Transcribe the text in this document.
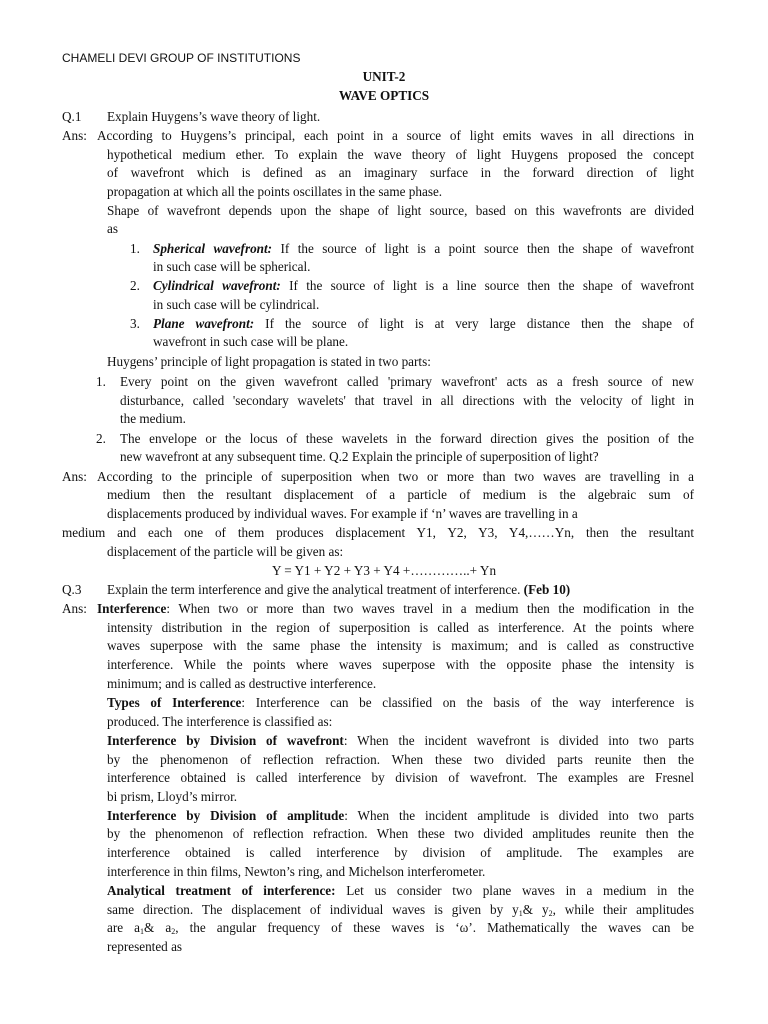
CHAMELI DEVI GROUP OF INSTITUTIONS
UNIT-2
WAVE OPTICS
Q.1 Explain Huygens’s wave theory of light.
Ans: According to Huygens’s principal, each point in a source of light emits waves in all directions in
hypothetical medium ether. To explain the wave theory of light Huygens proposed the concept
of wavefront which is defined as an imaginary surface in the forward direction of light
propagation at which all the points oscillates in the same phase.
Shape of wavefront depends upon the shape of light source, based on this wavefronts are divided
as
1. Spherical wavefront: If the source of light is a point source then the shape of wavefront
in such case will be spherical.
2. Cylindrical wavefront: If the source of light is a line source then the shape of wavefront
in such case will be cylindrical.
3. Plane wavefront: If the source of light is at very large distance then the shape of
wavefront in such case will be plane.
Huygens’ principle of light propagation is stated in two parts:
1. Every point on the given wavefront called 'primary wavefront' acts as a fresh source of new
disturbance, called 'secondary wavelets' that travel in all directions with the velocity of light in
the medium.
2. The envelope or the locus of these wavelets in the forward direction gives the position of the
new wavefront at any subsequent time. Q.2 Explain the principle of superposition of light?
Ans: According to the principle of superposition when two or more than two waves are travelling in a
medium then the resultant displacement of a particle of medium is the algebraic sum of
displacements produced by individual waves. For example if ‘n’ waves are travelling in a
medium and each one of them produces displacement Y1, Y2, Y3, Y4,……Yn, then the resultant
displacement of the particle will be given as:
Y = Y1 + Y2 + Y3 + Y4 +…………..+ Yn
Q.3 Explain the term interference and give the analytical treatment of interference. (Feb 10)
Ans: Interference: When two or more than two waves travel in a medium then the modification in the
intensity distribution in the region of superposition is called as interference. At the points where
waves superpose with the same phase the intensity is maximum; and is called as constructive
interference. While the points where waves superpose with the opposite phase the intensity is
minimum; and is called as destructive interference.
Types of Interference: Interference can be classified on the basis of the way interference is
produced. The interference is classified as:
Interference by Division of wavefront: When the incident wavefront is divided into two parts
by the phenomenon of reflection refraction. When these two divided parts reunite then the
interference obtained is called interference by division of wavefront. The examples are Fresnel
bi prism, Lloyd’s mirror.
Interference by Division of amplitude: When the incident amplitude is divided into two parts
by the phenomenon of reflection refraction. When these two divided amplitudes reunite then the
interference obtained is called interference by division of amplitude. The examples are
interference in thin films, Newton’s ring, and Michelson interferometer.
Analytical treatment of interference: Let us consider two plane waves in a medium in the
same direction. The displacement of individual waves is given by $y_1\&$ $y_2$, while their amplitudes
are $a_1\&$ $a_2$, the angular frequency of these waves is ‘ω’. Mathematically the waves can be
represented as
